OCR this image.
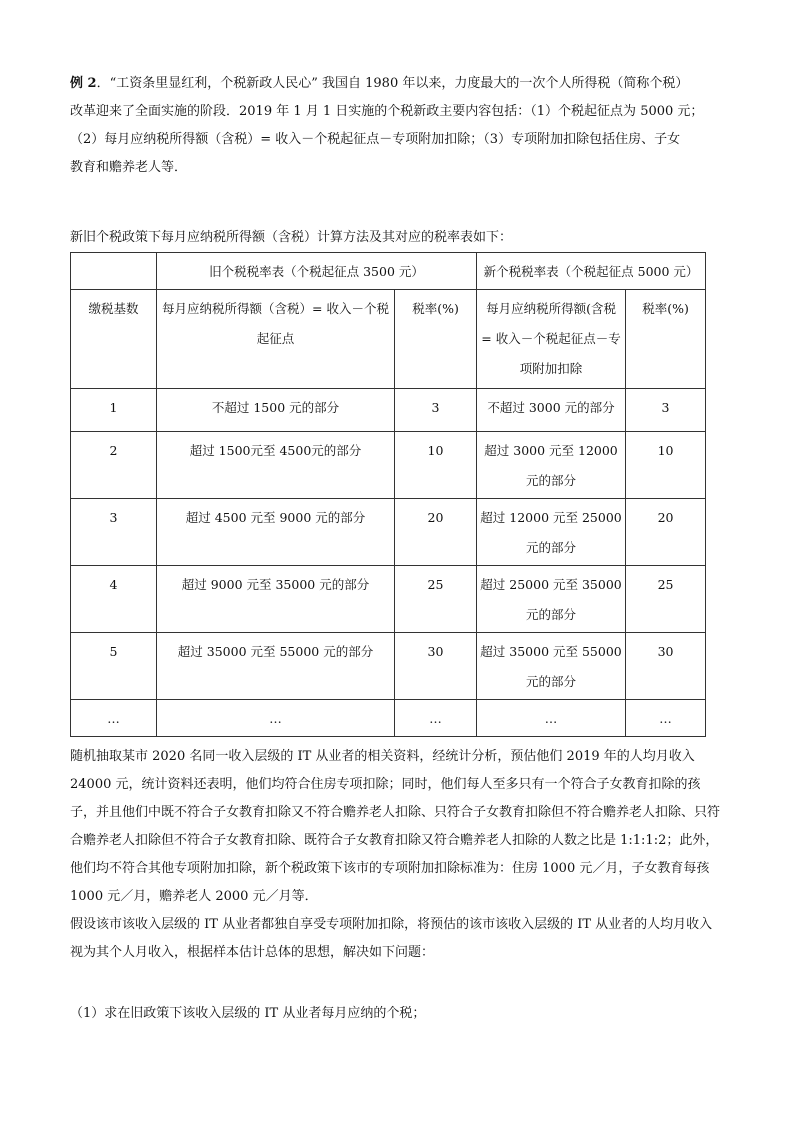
例 2．“工资条里显红利，个税新政人民心” 我国自 1980 年以来，力度最大的一次个人所得税（简称个税）

改革迎来了全面实施的阶段．2019 年 1 月 1 日实施的个税新政主要内容包括：（1）个税起征点为 5000 元；

（2）每月应纳税所得额（含税）= 收入－个税起征点－专项附加扣除；（3）专项附加扣除包括住房、子女

教育和赡养老人等．

新旧个税政策下每月应纳税所得额（含税）计算方法及其对应的税率表如下：
	旧个税税率表（个税起征点 3500 元）		新个税税率表（个税起征点 5000 元）	
缴税基数	每月应纳税所得额（含税）= 收入－个税起征点	税率(%)	每月应纳税所得额(含税 = 收入－个税起征点－专项附加扣除	税率(%)
1	不超过 1500 元的部分	3	不超过 3000 元的部分	3
2	超过 1500元至 4500元的部分	10	超过 3000 元至 12000 元的部分	10
3	超过 4500 元至 9000 元的部分	20	超过 12000 元至 25000 元的部分	20
4	超过 9000 元至 35000 元的部分	25	超过 25000 元至 35000 元的部分	25
5	超过 35000 元至 55000 元的部分	30	超过 35000 元至 55000 元的部分	30
…	…	…	…	…
随机抽取某市 2020 名同一收入层级的 IT 从业者的相关资料，经统计分析，预估他们 2019 年的人均月收入 24000 元，统计资料还表明，他们均符合住房专项扣除；同时，他们每人至多只有一个符合子女教育扣除的孩子，并且他们中既不符合子女教育扣除又不符合赡养老人扣除、只符合子女教育扣除但不符合赡养老人扣除、只符合赡养老人扣除但不符合子女教育扣除、既符合子女教育扣除又符合赡养老人扣除的人数之比是 1:1:1:2；此外，他们均不符合其他专项附加扣除，新个税政策下该市的专项附加扣除标准为：住房 1000 元／月，子女教育每孩 1000 元／月，赡养老人 2000 元／月等．
假设该市该收入层级的 IT 从业者都独自享受专项附加扣除，将预估的该市该收入层级的 IT 从业者的人均月收入视为其个人月收入，根据样本估计总体的思想，解决如下问题：
（1）求在旧政策下该收入层级的 IT 从业者每月应纳的个税；
